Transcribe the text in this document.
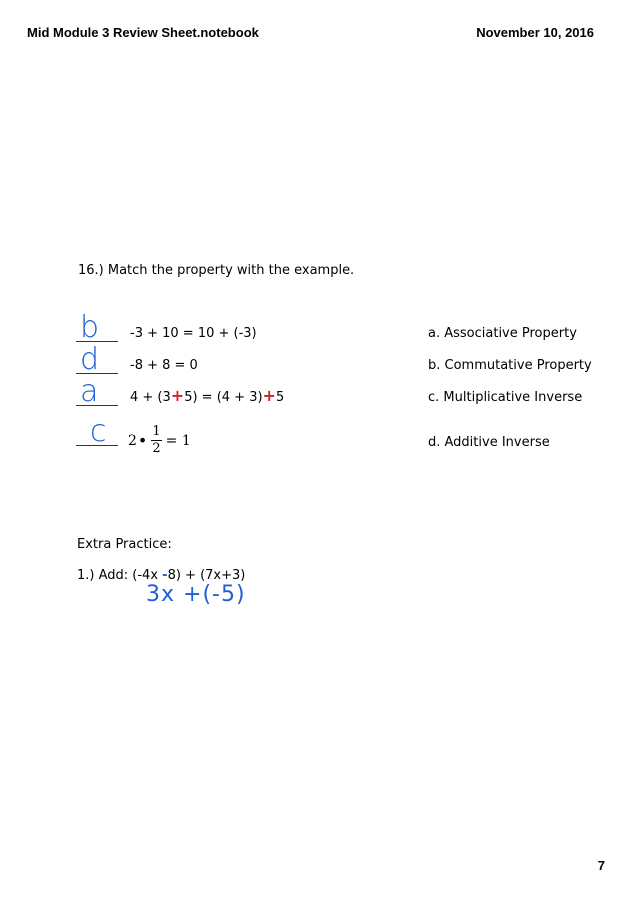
Mid Module 3 Review Sheet.notebook	November 10, 2016
16.) Match the property with the example.
b -3 + 10 = 10 + (-3)	a. Associative Property
d -8 + 8 = 0	b. Commutative Property
a 4 + (3+5) = (4 + 3)+5	c. Multiplicative Inverse
c 2 • $\frac{1}{2} = 1$	d. Additive Inverse
Extra Practice:
1.) Add: (-4x -8) + (7x+3)
3x +(-5)
7
